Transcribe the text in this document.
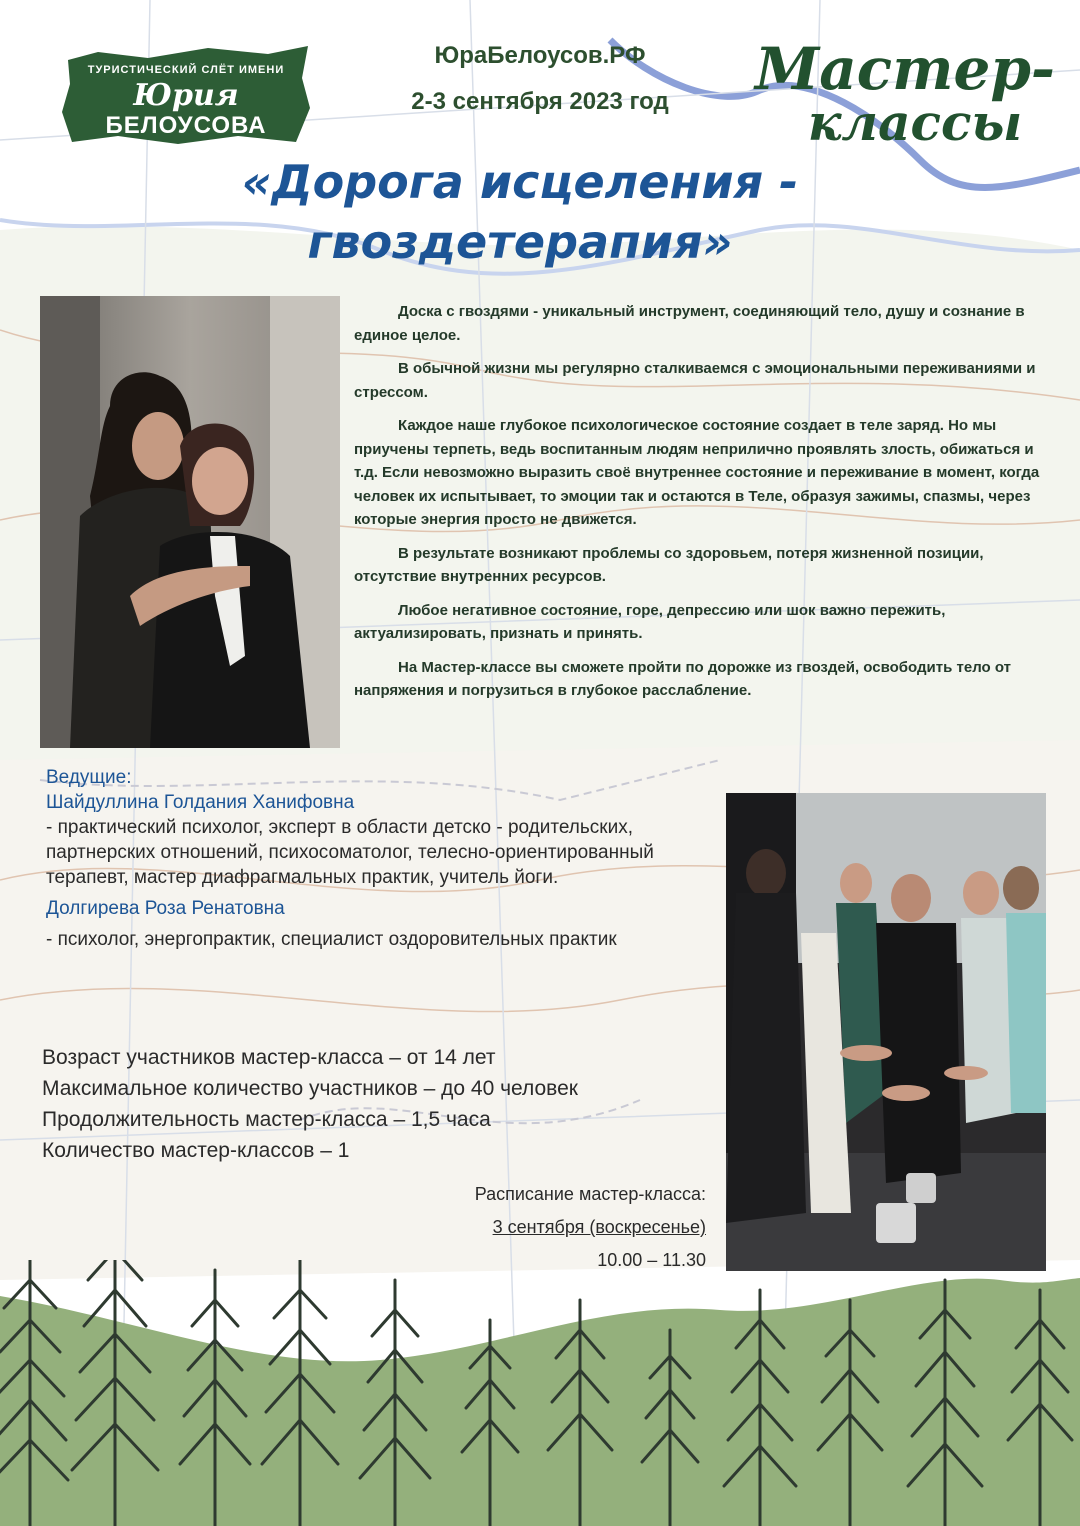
ТУРИСТИЧЕСКИЙ СЛЁТ ИМЕНИ
Юрия
БЕЛОУСОВА
ЮраБелоусов.РФ
2-3 сентября 2023 год	Мастер-
классы
«Дорога исцеления -
гвоздетерапия»

Доска с гвоздями - уникальный инструмент, соединяющий тело, душу и сознание в единое целое.

В обычной жизни мы регулярно сталкиваемся с эмоциональными переживаниями и стрессом.

Каждое наше глубокое психологическое состояние создает в теле заряд. Но мы приучены терпеть, ведь воспитанным людям неприлично проявлять злость, обижаться и т.д. Если невозможно выразить своё внутреннее состояние и переживание в момент, когда человек их испытывает, то эмоции так и остаются в Теле, образуя зажимы, спазмы, через которые энергия просто не движется.

В результате возникают проблемы со здоровьем, потеря жизненной позиции, отсутствие внутренних ресурсов.

Любое негативное состояние, горе, депрессию или шок важно пережить, актуализировать, признать и принять.

На Мастер-классе вы сможете пройти по дорожке из гвоздей, освободить тело от напряжения и погрузиться в глубокое расслабление.

Ведущие:
Шайдуллина Голдания Ханифовна
- практический психолог, эксперт в области детско - родительских, партнерских отношений, психосоматолог, телесно-ориентированный терапевт, мастер диафрагмальных практик, учитель йоги.
Долгирева Роза Ренатовна
- психолог, энергопрактик, специалист оздоровительных практик
Возраст участников мастер-класса – от 14 лет
Максимальное количество участников – до 40 человек
Продолжительность мастер-класса – 1,5 часа
Количество мастер-классов – 1
Расписание мастер-класса:
3 сентября (воскресенье)
10.00 – 11.30
